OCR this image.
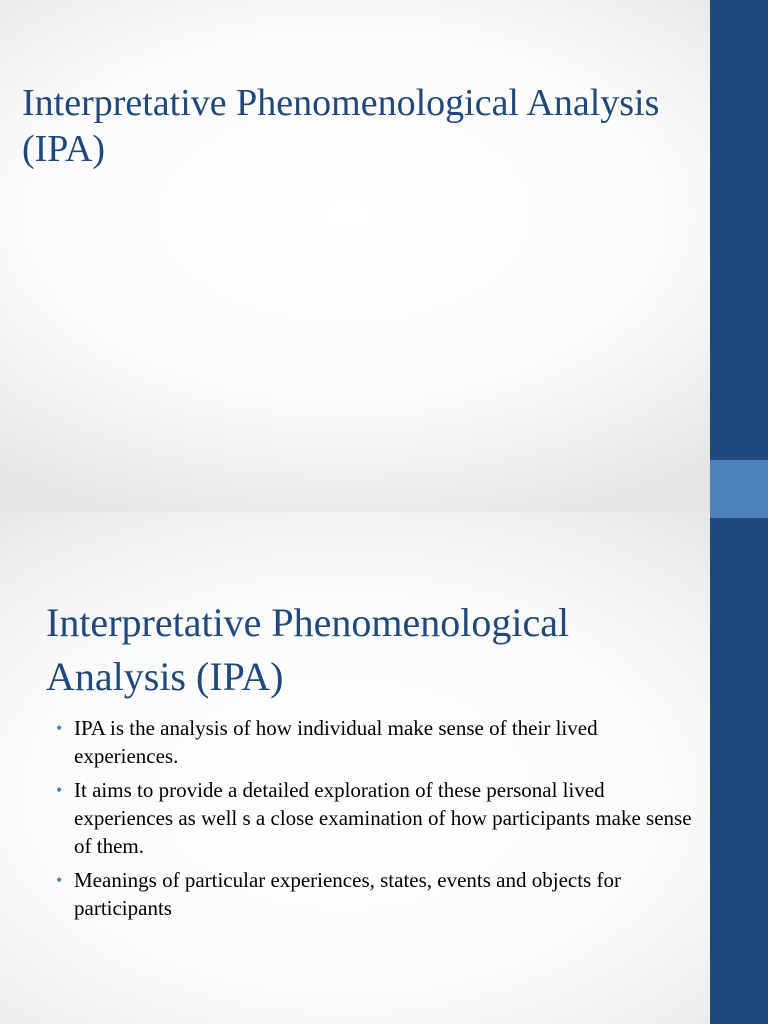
Interpretative Phenomenological Analysis (IPA)
Interpretative Phenomenological Analysis (IPA)
• IPA is the analysis of how individual make sense of their lived experiences.
• It aims to provide a detailed exploration of these personal lived experiences as well s a close examination of how participants make sense of them.
• Meanings of particular experiences, states, events and objects for participants
